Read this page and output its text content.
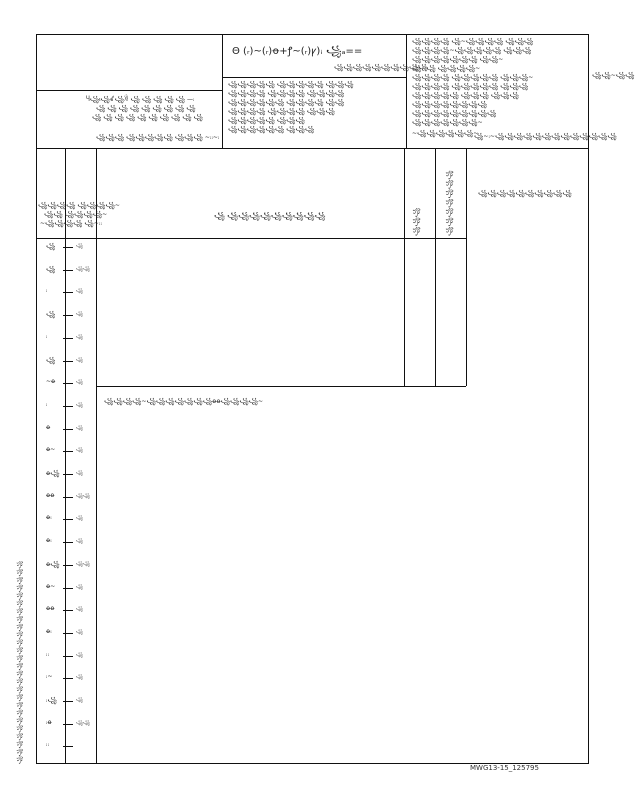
Ⴗ꧁ⲓ꧁ꑱ꧁ꑞ ꧁ ꧁ ꧁ ꧁ ꧁ —ꜟ
꧁ ꧁ ꧁ ꧁ ꧁ ꧁ ꧁ ꧁ ꧁
꧁ ꧁ ꧁ ꧁ ꧁ ꧁ ꧁ ꧁ ꧁ ꧁
꧁꧁꧁ ꧁꧁꧁꧁꧁ ꧁꧁꧁ ~ꜟꜟ~ꜟ
Θ (ᵣ)~(ᵣ)ꝋ+ꝭ~(ᵣ)ꝩ)ꜟ ꧁ₐ==
꧁꧁꧁꧁꧁꧁꧁꧁꧁꧁
꧁꧁꧁꧁꧁ ꧁꧁꧁꧁꧁ ꧁꧁꧁
꧁꧁꧁꧁ ꧁꧁꧁꧁ ꧁꧁꧁꧁
꧁꧁꧁꧁꧁꧁ ꧁꧁꧁꧁ ꧁꧁
꧁꧁꧁꧁ ꧁꧁꧁꧁ ꧁꧁꧁
꧁꧁꧁꧁꧁ ꧁꧁꧁
꧁꧁꧁꧁꧁꧁ ꧁꧁꧁
꧁꧁꧁꧁ ꧁~꧁꧁꧁꧁ ꧁꧁꧁
꧁꧁꧁꧁~꧁꧁꧁꧁꧁ ꧁꧁꧁
꧁꧁꧁꧁꧁꧁꧁ ꧁꧁~
꧁~꧁ ꧁꧁꧁꧁~
꧁꧁꧁꧁ ꧁꧁꧁꧁꧁ ꧁꧁꧁~
꧁꧁꧁꧁ ꧁꧁꧁꧁꧁ ꧁꧁꧁
꧁꧁꧁꧁꧁ ꧁꧁꧁ ꧁꧁꧁
꧁꧁꧁꧁꧁꧁꧁꧁
꧁꧁꧁꧁꧁꧁꧁꧁꧁
꧁꧁꧁꧁꧁꧁꧁~
~꧁꧁꧁꧁꧁꧁~
꧁꧁~꧁꧁
꧁~ꜟ~꧁꧁꧁꧁꧁꧁꧁꧁꧁꧁꧁꧁꧁
꧁꧁꧁꧁ ꧁꧁꧁꧁~
꧁꧁ ꧁꧁꧁꧁~
~꧁꧁꧁꧁ ꧁~ꜟꜟ
꧁ ꧁꧁꧁꧁꧁꧁꧁꧁꧁	꧁꧁꧁	꧁꧁꧁꧁꧁꧁꧁	꧁꧁꧁꧁꧁꧁꧁꧁꧁꧁
꧁꧁꧁꧁~꧁꧁꧁꧁꧁꧁꧁ꝋꝋ꧁꧁꧁꧁~
꧁	꧁
꧁	꧁꧁
ꜟ	꧁
꧁	꧁
ꜟ	꧁
꧁	꧁
~ꝋ	꧁
ꜟ	꧁
ꝋ	꧁
ꝋ~	꧁
ꝋ꧁	꧁
ꝋꝋ	꧁꧁
ꝋꜟ	꧁
ꝋꜟ	꧁
ꝋ꧁	꧁꧁
ꝋ~	꧁
ꝋꝋ	꧁
ꝋꜟ	꧁
ꜟꜟ	꧁
ꜟ~	꧁
ꜟ꧁	꧁
ꜟꝋ	꧁꧁
ꜟꜟ
꧁꧁꧁꧁꧁꧁꧁꧁꧁꧁꧁꧁꧁꧁꧁꧁꧁꧁꧁꧁꧁꧁꧁꧁꧁꧁
MWG13-15_125795
